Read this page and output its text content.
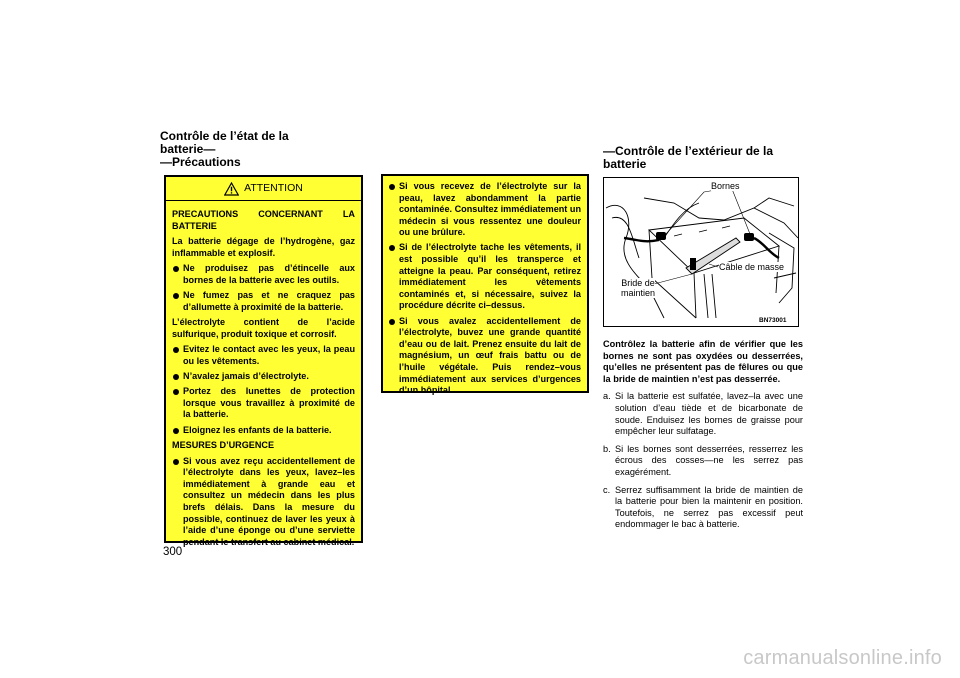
Contrôle de l’état de la
batterie—
—Précautions
ATTENTION

PRECAUTIONS CONCERNANT LA BATTERIE

La batterie dégage de l’hydrogène, gaz inflammable et explosif.

Ne produisez pas d’étincelle aux bornes de la batterie avec les outils.
Ne fumez pas et ne craquez pas d’allumette à proximité de la batterie.

L’électrolyte contient de l’acide sulfurique, produit toxique et corrosif.

Evitez le contact avec les yeux, la peau ou les vêtements.
N’avalez jamais d’électrolyte.
Portez des lunettes de protection lorsque vous travaillez à proximité de la batterie.
Eloignez les enfants de la batterie.

MESURES D’URGENCE

Si vous avez reçu accidentellement de l’électrolyte dans les yeux, lavez–les immédiatement à grande eau et consultez un médecin dans les plus brefs délais. Dans la mesure du possible, continuez de laver les yeux à l’aide d’une éponge ou d’une serviette pendant le transfert au cabinet médical.
300
Si vous recevez de l’électrolyte sur la peau, lavez abondamment la partie contaminée. Consultez immédiatement un médecin si vous ressentez une douleur ou une brûlure.
Si de l’électrolyte tache les vêtements, il est possible qu’il les transperce et atteigne la peau. Par conséquent, retirez immédiatement les vêtements contaminés et, si nécessaire, suivez la procédure décrite ci–dessus.
Si vous avalez accidentellement de l’électrolyte, buvez une grande quantité d’eau ou de lait. Prenez ensuite du lait de magnésium, un œuf frais battu ou de l’huile végétale. Puis rendez–vous immédiatement aux services d’urgences d’un hôpital.
—Contrôle de l’extérieur de la
batterie
Bornes
Câble de masse
Bride de
maintien
BN73001

Contrôlez la batterie afin de vérifier que les bornes ne sont pas oxydées ou desserrées, qu’elles ne présentent pas de fêlures ou que la bride de maintien n’est pas desserrée.

a. Si la batterie est sulfatée, lavez–la avec une solution d’eau tiède et de bicarbonate de soude. Enduisez les bornes de graisse pour empêcher leur sulfatage.
b. Si les bornes sont desserrées, resserrez les écrous des cosses—ne les serrez pas exagérément.
c. Serrez suffisamment la bride de maintien de la batterie pour bien la maintenir en position. Toutefois, ne serrez pas excessif peut endommager le bac à batterie.
carmanualsonline.info
